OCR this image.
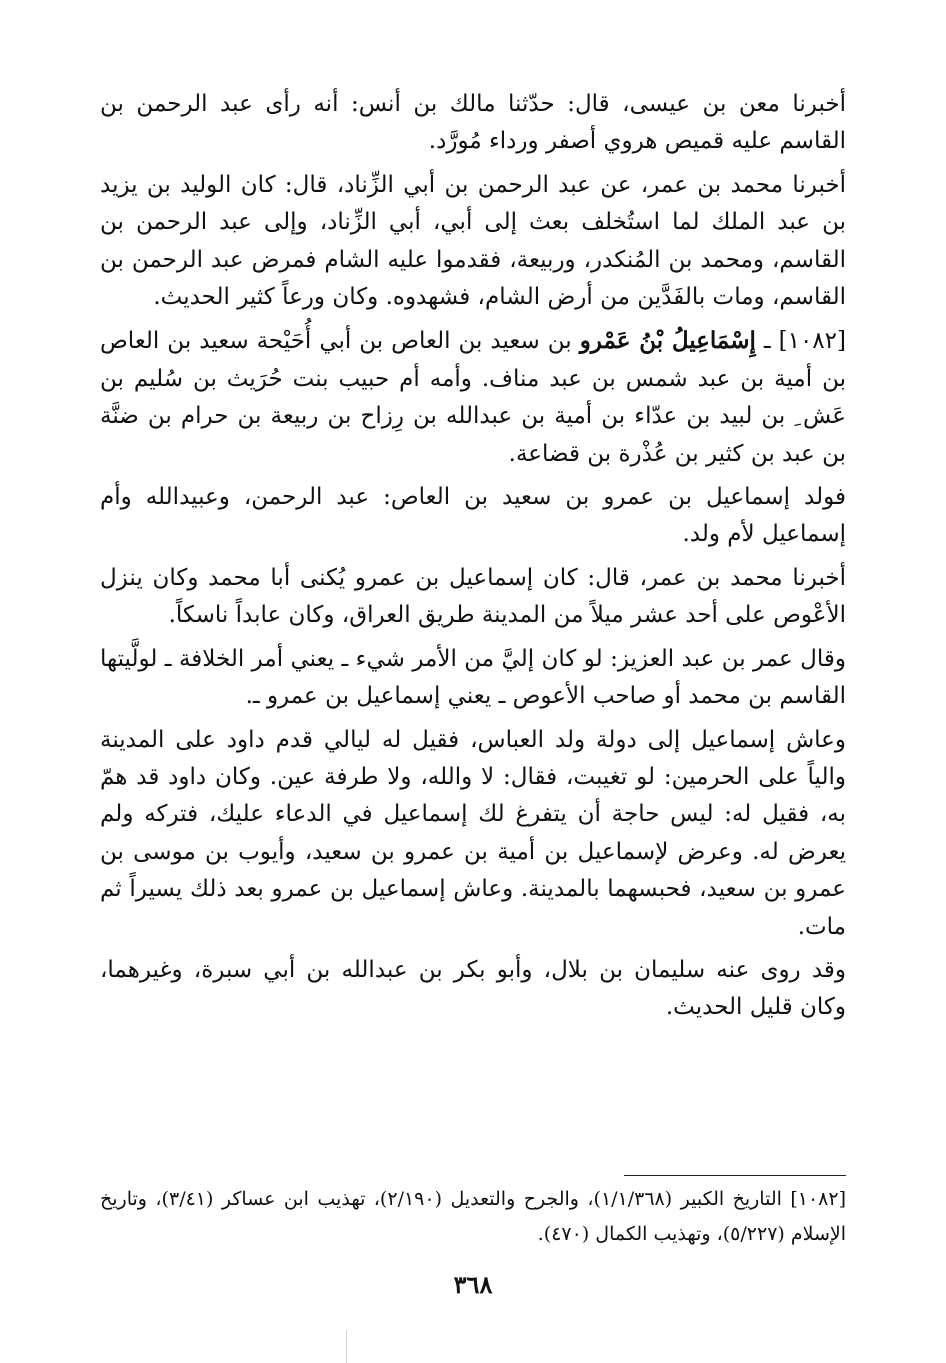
أخبرنا معن بن عيسى، قال: حدّثنا مالك بن أنس: أنه رأى عبد الرحمن بن القاسم عليه قميص هروي أصفر ورداء مُورَّد.

أخبرنا محمد بن عمر، عن عبد الرحمن بن أبي الزِّناد، قال: كان الوليد بن يزيد بن عبد الملك لما استُخلف بعث إلى أبي، أبي الزِّناد، وإلى عبد الرحمن بن القاسم، ومحمد بن المُنكدر، وربيعة، فقدموا عليه الشام فمرض عبد الرحمن بن القاسم، ومات بالفَدَّين من أرض الشام، فشهدوه. وكان ورعاً كثير الحديث.

[١٠٨٢] ـ إِسْمَاعِيلُ بْنُ عَمْرو بن سعيد بن العاص بن أبي أُحَيْحة سعيد بن العاص بن أمية بن عبد شمس بن عبد مناف. وأمه أم حبيب بنت حُرَيث بن سُليم بن عَش ِ بن لبيد بن عدّاء بن أمية بن عبدالله بن رِزاح بن ربيعة بن حرام بن ضنَّة بن عبد بن كثير بن عُذْرة بن قضاعة.

فولد إسماعيل بن عمرو بن سعيد بن العاص: عبد الرحمن، وعبيدالله وأم إسماعيل لأم ولد.

أخبرنا محمد بن عمر، قال: كان إسماعيل بن عمرو يُكنى أبا محمد وكان ينزل الأعْوص على أحد عشر ميلاً من المدينة طريق العراق، وكان عابداً ناسكاً.

وقال عمر بن عبد العزيز: لو كان إليَّ من الأمر شيء ـ يعني أمر الخلافة ـ لولَّيتها القاسم بن محمد أو صاحب الأعوص ـ يعني إسماعيل بن عمرو ـ.

وعاش إسماعيل إلى دولة ولد العباس، فقيل له ليالي قدم داود على المدينة والياً على الحرمين: لو تغيبت، فقال: لا والله، ولا طرفة عين. وكان داود قد همّ به، فقيل له: ليس حاجة أن يتفرغ لك إسماعيل في الدعاء عليك، فتركه ولم يعرض له. وعرض لإسماعيل بن أمية بن عمرو بن سعيد، وأيوب بن موسى بن عمرو بن سعيد، فحبسهما بالمدينة. وعاش إسماعيل بن عمرو بعد ذلك يسيراً ثم مات.

وقد روى عنه سليمان بن بلال، وأبو بكر بن عبدالله بن أبي سبرة، وغيرهما، وكان قليل الحديث.

[١٠٨٢] التاريخ الكبير (١/١/٣٦٨)، والجرح والتعديل (٢/١٩٠)، تهذيب ابن عساكر (٣/٤١)، وتاريخ الإسلام (٥/٢٢٧)، وتهذيب الكمال (٤٧٠).
٣٦٨
